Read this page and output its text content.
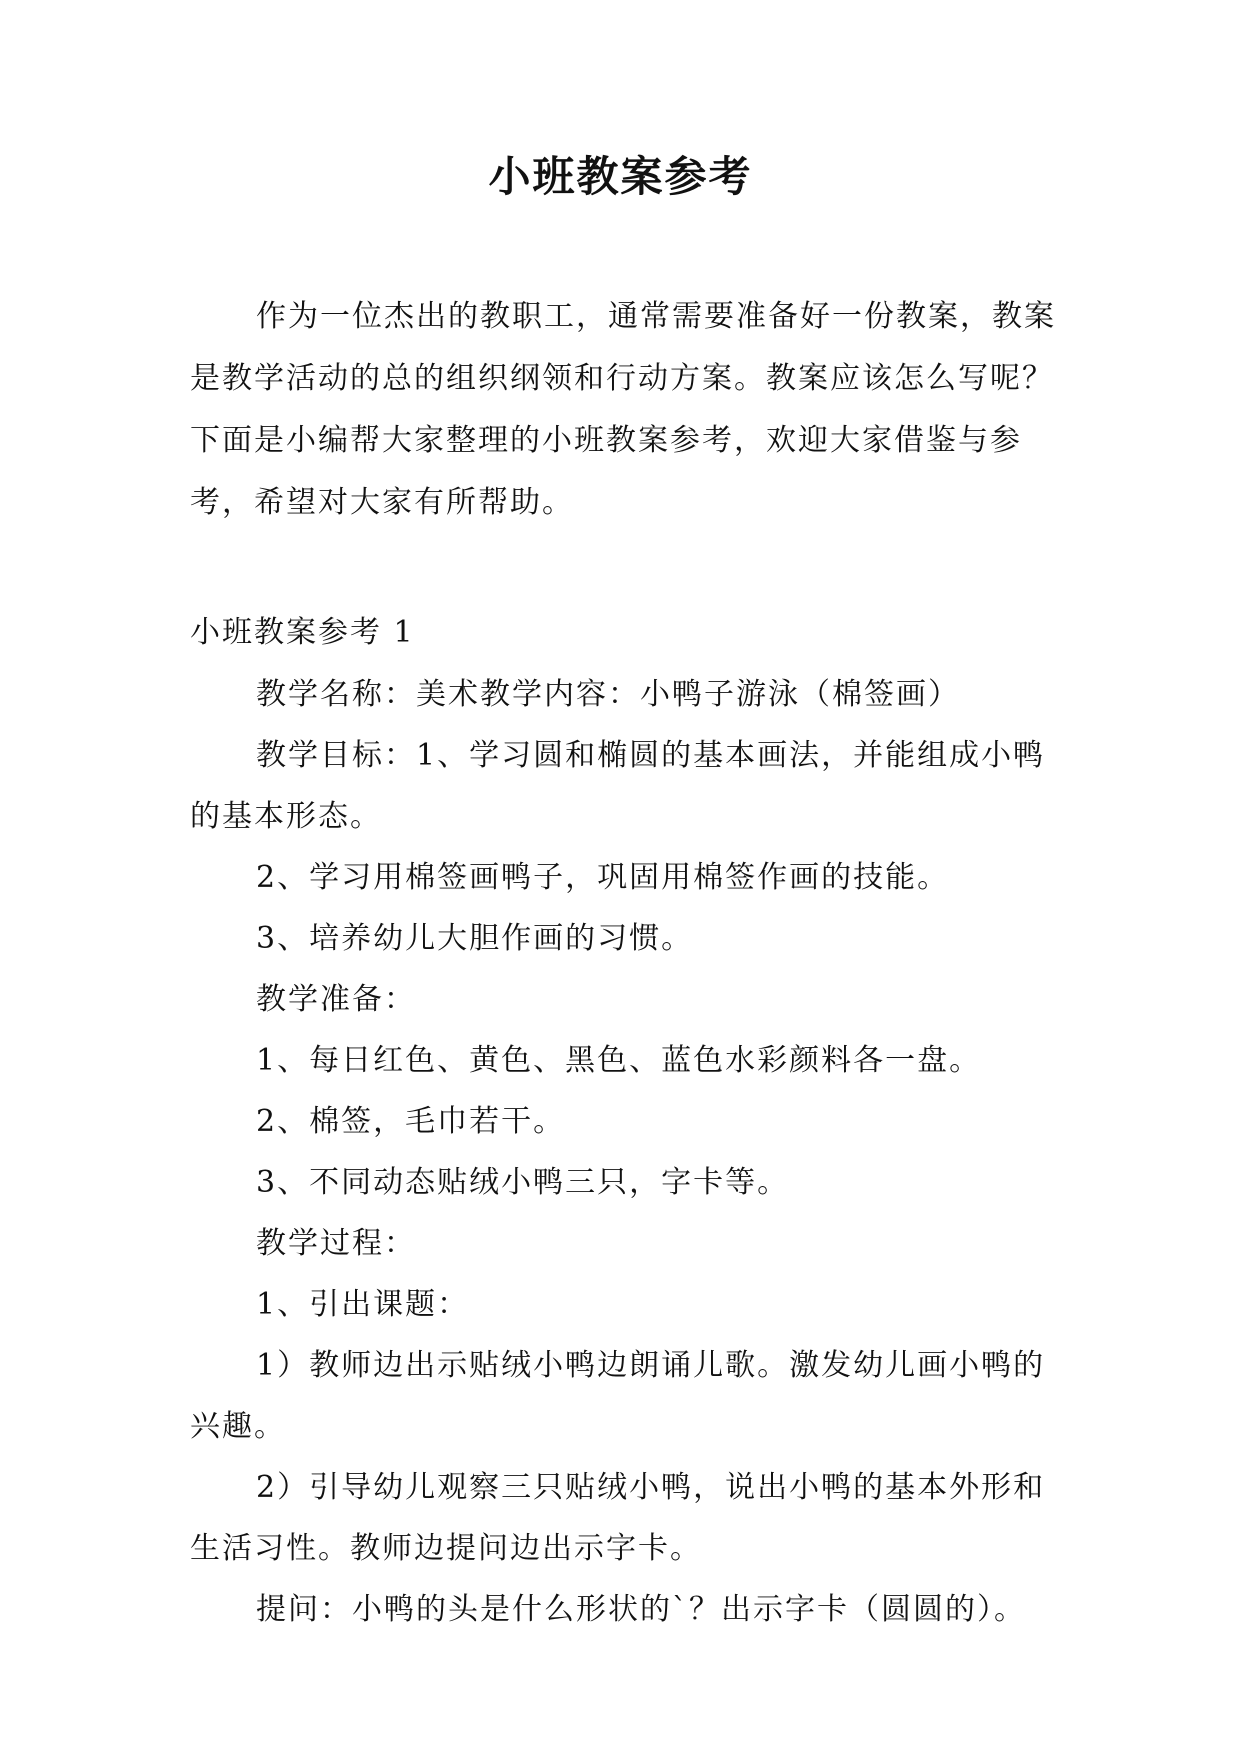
小班教案参考

作为一位杰出的教职工，通常需要准备好一份教案，教案是教学活动的总的组织纲领和行动方案。教案应该怎么写呢？下面是小编帮大家整理的小班教案参考，欢迎大家借鉴与参考，希望对大家有所帮助。

小班教案参考 1

教学名称：美术教学内容：小鸭子游泳（棉签画）

教学目标：1、学习圆和椭圆的基本画法，并能组成小鸭的基本形态。

2、学习用棉签画鸭子，巩固用棉签作画的技能。

3、培养幼儿大胆作画的习惯。

教学准备：

1、每日红色、黄色、黑色、蓝色水彩颜料各一盘。

2、棉签，毛巾若干。

3、不同动态贴绒小鸭三只，字卡等。

教学过程：

1、引出课题：

1）教师边出示贴绒小鸭边朗诵儿歌。激发幼儿画小鸭的兴趣。

2）引导幼儿观察三只贴绒小鸭，说出小鸭的基本外形和生活习性。教师边提问边出示字卡。

提问：小鸭的头是什么形状的`？出示字卡（圆圆的）。
